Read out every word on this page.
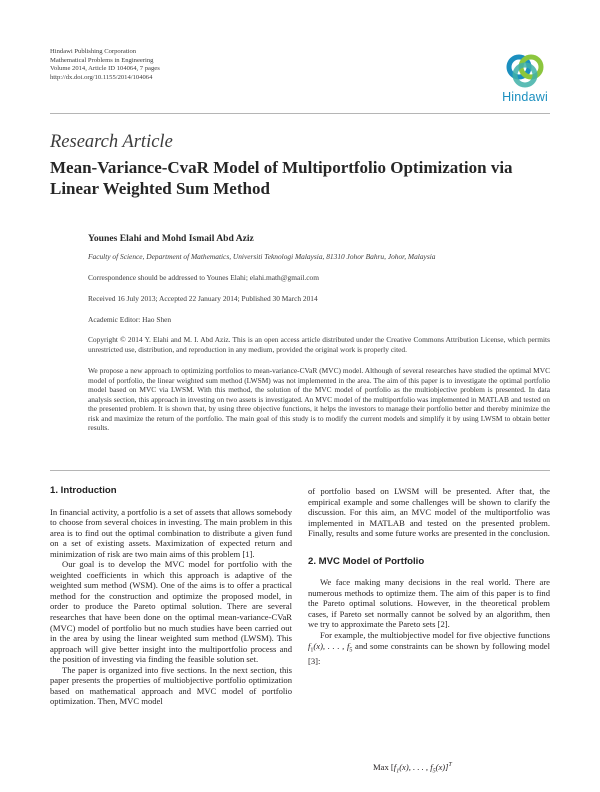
Hindawi Publishing Corporation
Mathematical Problems in Engineering
Volume 2014, Article ID 104064, 7 pages
http://dx.doi.org/10.1155/2014/104064
Hindawi
Research Article
Mean-Variance-CvaR Model of Multiportfolio Optimization via Linear Weighted Sum Method
Younes Elahi and Mohd Ismail Abd Aziz
Faculty of Science, Department of Mathematics, Universiti Teknologi Malaysia, 81310 Johor Bahru, Johor, Malaysia
Correspondence should be addressed to Younes Elahi; elahi.math@gmail.com
Received 16 July 2013; Accepted 22 January 2014; Published 30 March 2014
Academic Editor: Hao Shen
Copyright © 2014 Y. Elahi and M. I. Abd Aziz. This is an open access article distributed under the Creative Commons Attribution License, which permits unrestricted use, distribution, and reproduction in any medium, provided the original work is properly cited.
We propose a new approach to optimizing portfolios to mean-variance-CVaR (MVC) model. Although of several researches have studied the optimal MVC model of portfolio, the linear weighted sum method (LWSM) was not implemented in the area. The aim of this paper is to investigate the optimal portfolio model based on MVC via LWSM. With this method, the solution of the MVC model of portfolio as the multiobjective problem is presented. In data analysis section, this approach in investing on two assets is investigated. An MVC model of the multiportfolio was implemented in MATLAB and tested on the presented problem. It is shown that, by using three objective functions, it helps the investors to manage their portfolio better and thereby minimize the risk and maximize the return of the portfolio. The main goal of this study is to modify the current models and simplify it by using LWSM to obtain better results.
1. Introduction

In financial activity, a portfolio is a set of assets that allows somebody to choose from several choices in investing. The main problem in this area is to find out the optimal combination to distribute a given fund on a set of existing assets. Maximization of expected return and minimization of risk are two main aims of this problem [1].

Our goal is to develop the MVC model for portfolio with the weighted coefficients in which this approach is adaptive of the weighted sum method (WSM). One of the aims is to offer a practical method for the construction and optimize the proposed model, in order to produce the Pareto optimal solution. There are several researches that have been done on the optimal mean-variance-CVaR (MVC) model of portfolio but no much studies have been carried out in the area by using the linear weighted sum method (LWSM). This approach will give better insight into the multiportfolio process and the position of investing via finding the feasible solution set.

The paper is organized into five sections. In the next section, this paper presents the properties of multiobjective portfolio optimization based on mathematical approach and MVC model of portfolio optimization. Then, MVC model

of portfolio based on LWSM will be presented. After that, the empirical example and some challenges will be shown to clarify the discussion. For this aim, an MVC model of the multiportfolio was implemented in MATLAB and tested on the presented problem. Finally, results and some future works are presented in the conclusion.

2. MVC Model of Portfolio

We face making many decisions in the real world. There are numerous methods to optimize them. The aim of this paper is to find the Pareto optimal solutions. However, in the theoretical problem cases, if Pareto set normally cannot be solved by an algorithm, then we try to approximate the Pareto sets [2].

For example, the multiobjective model for five objective functions $f_1(x)$, . . . , $f_5$ and some constraints can be shown by following model [3]:

Max [$f_1(x)$, . . . , $f_5(x)]^T$
